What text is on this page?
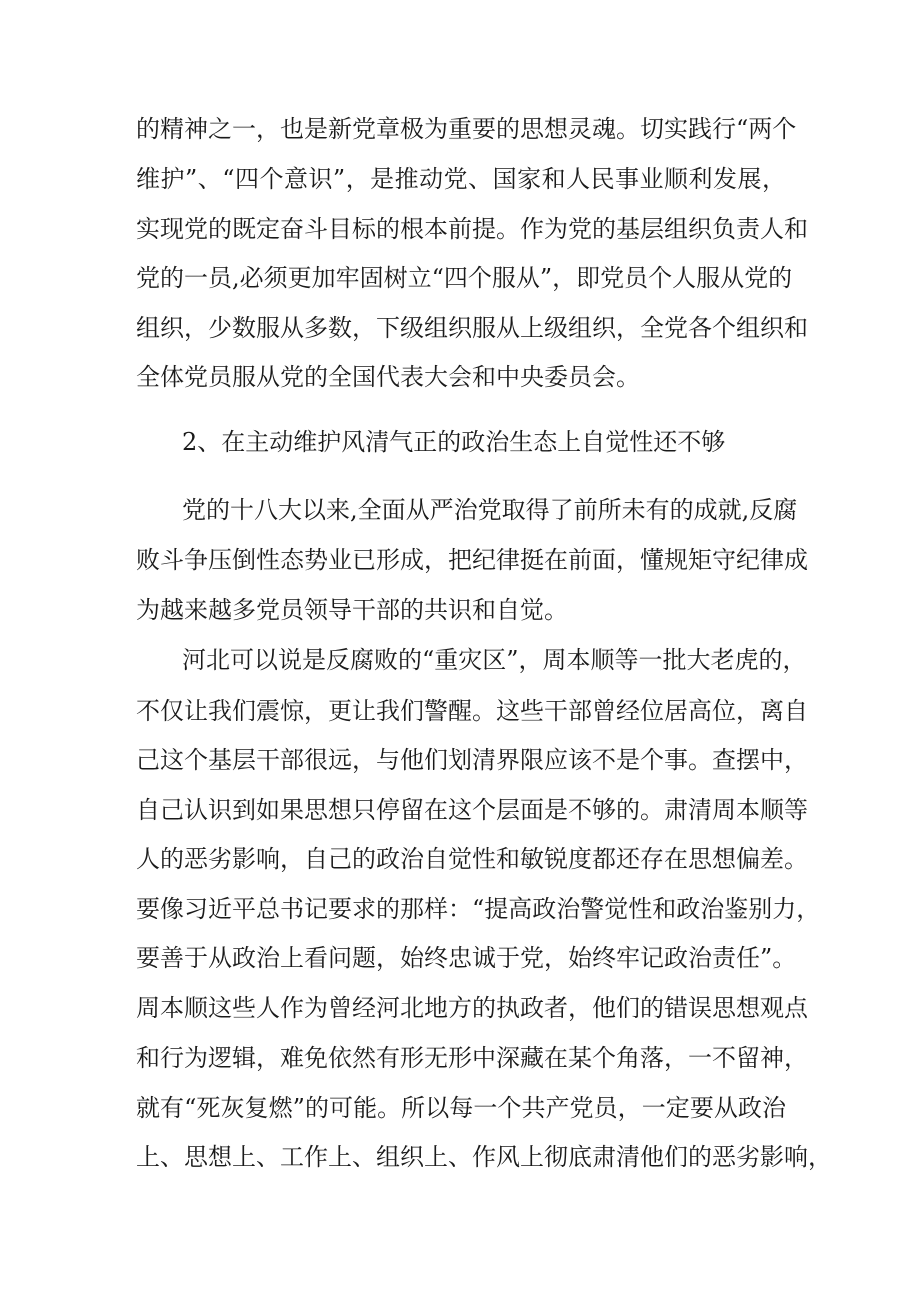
的精神之一，也是新党章极为重要的思想灵魂。切实践行“两个

维护”、“四个意识”，是推动党、国家和人民事业顺利发展，

实现党的既定奋斗目标的根本前提。作为党的基层组织负责人和

党的一员,必须更加牢固树立“四个服从”，即党员个人服从党的

组织，少数服从多数，下级组织服从上级组织，全党各个组织和

全体党员服从党的全国代表大会和中央委员会。

2、在主动维护风清气正的政治生态上自觉性还不够

党的十八大以来,全面从严治党取得了前所未有的成就,反腐

败斗争压倒性态势业已形成，把纪律挺在前面，懂规矩守纪律成

为越来越多党员领导干部的共识和自觉。

河北可以说是反腐败的“重灾区”，周本顺等一批大老虎的，

不仅让我们震惊，更让我们警醒。这些干部曾经位居高位，离自

己这个基层干部很远，与他们划清界限应该不是个事。查摆中，

自己认识到如果思想只停留在这个层面是不够的。肃清周本顺等

人的恶劣影响，自己的政治自觉性和敏锐度都还存在思想偏差。

要像习近平总书记要求的那样：“提高政治警觉性和政治鉴别力，

要善于从政治上看问题，始终忠诚于党，始终牢记政治责任”。

周本顺这些人作为曾经河北地方的执政者，他们的错误思想观点

和行为逻辑，难免依然有形无形中深藏在某个角落，一不留神，

就有“死灰复燃”的可能。所以每一个共产党员，一定要从政治

上、思想上、工作上、组织上、作风上彻底肃清他们的恶劣影响，
